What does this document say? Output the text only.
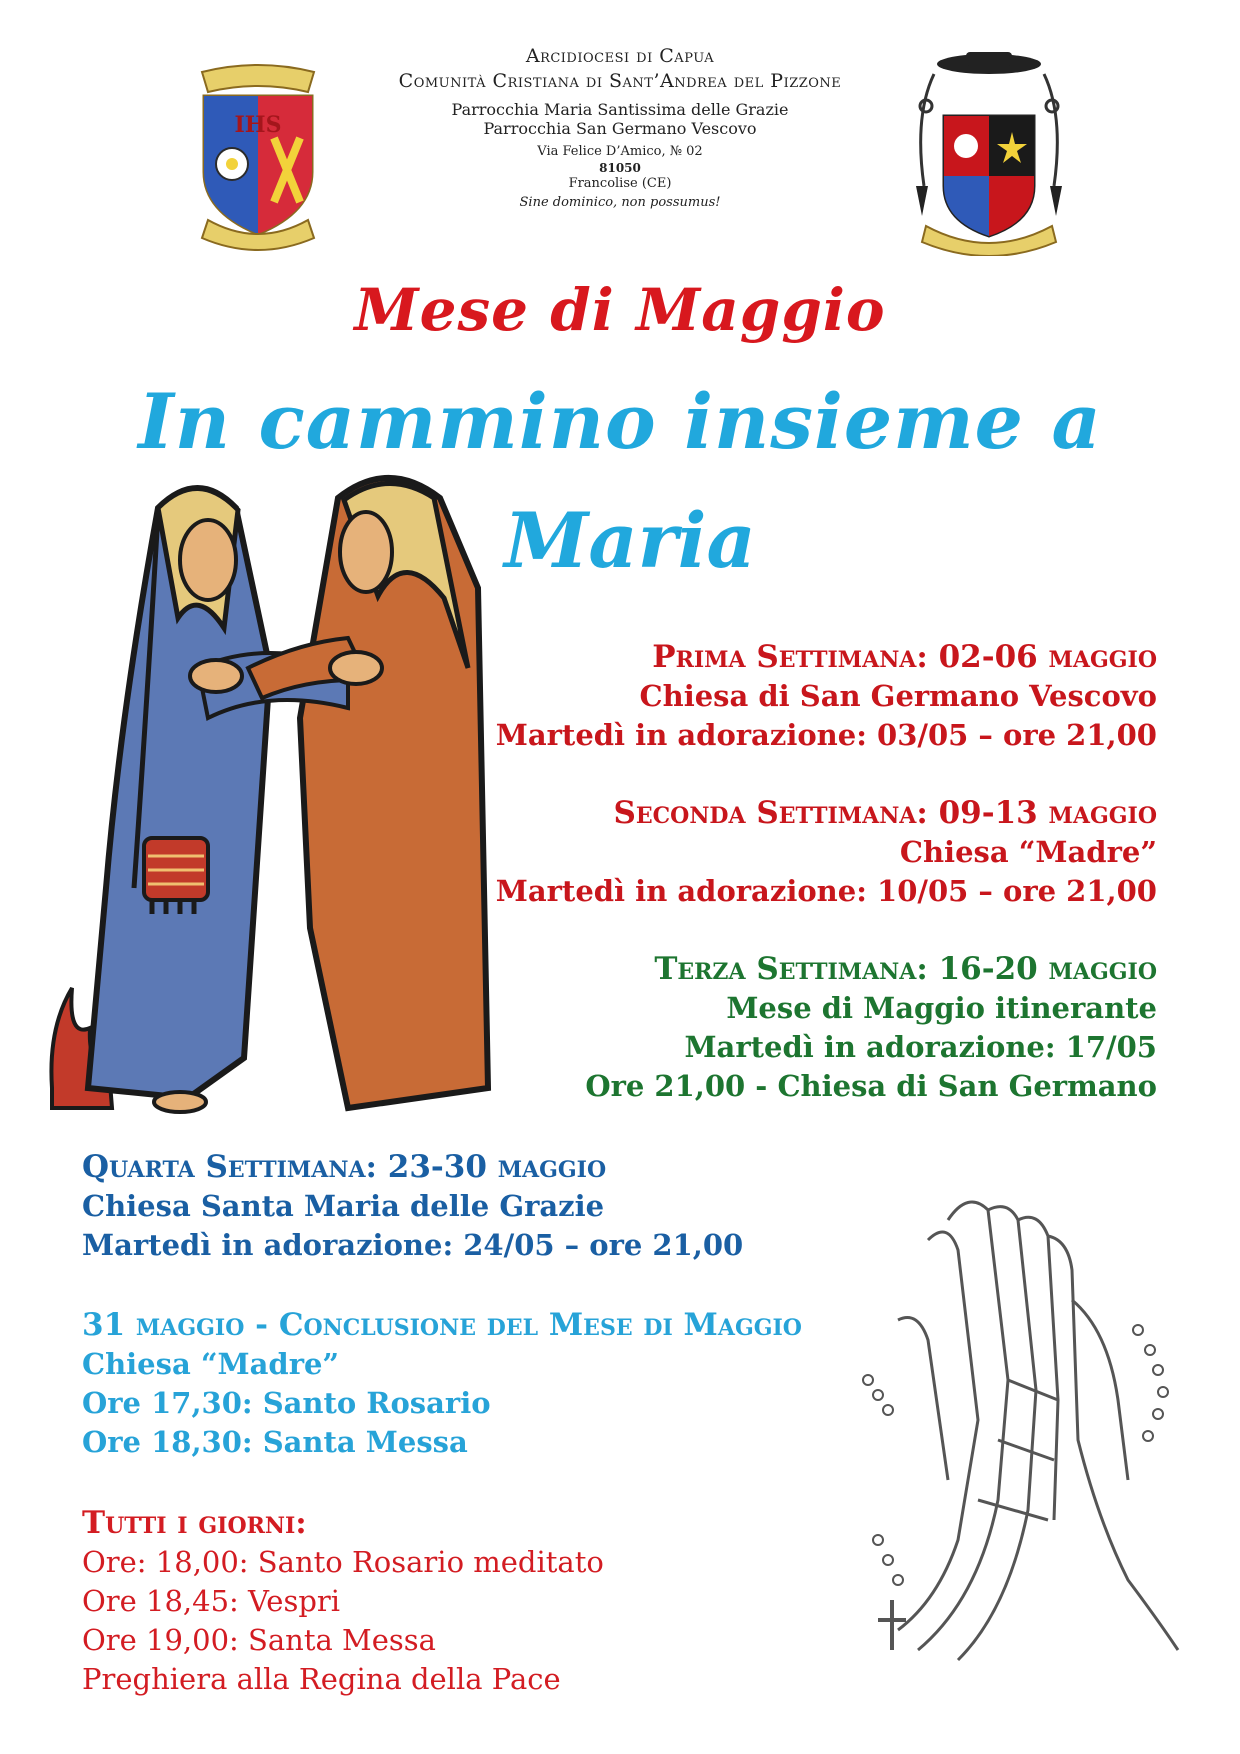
IHS
Arcidiocesi di Capua
Comunità Cristiana di Sant’Andrea del Pizzone
Parrocchia Maria Santissima delle Grazie
Parrocchia San Germano Vescovo
Via Felice D’Amico, № 02
81050
Francolise (CE)
Sine dominico, non possumus!
Mese di Maggio
In cammino insieme a
Maria
Prima Settimana: 02-06 maggio
Chiesa di San Germano Vescovo
Martedì in adorazione: 03/05 – ore 21,00
Seconda Settimana: 09-13 maggio
Chiesa “Madre”
Martedì in adorazione: 10/05 – ore 21,00
Terza Settimana: 16-20 maggio
Mese di Maggio itinerante
Martedì in adorazione: 17/05
Ore 21,00 - Chiesa di San Germano
Quarta Settimana: 23-30 maggio
Chiesa Santa Maria delle Grazie
Martedì in adorazione: 24/05 – ore 21,00
31 maggio - Conclusione del Mese di Maggio
Chiesa “Madre”
Ore 17,30: Santo Rosario
Ore 18,30: Santa Messa
Tutti i giorni:
Ore: 18,00: Santo Rosario meditato
Ore 18,45: Vespri
Ore 19,00: Santa Messa
Preghiera alla Regina della Pace
